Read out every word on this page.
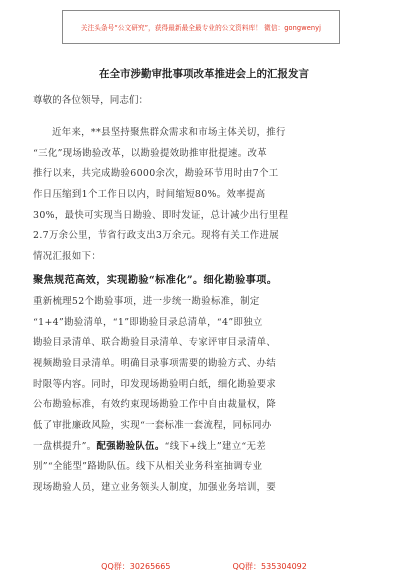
关注头条号“公文研究”，获得最新最全最专业的公文资料库！ 微信：gongwenyj
在全市涉勤审批事项改革推进会上的汇报发言
尊敬的各位领导，同志们：
近年来，**县坚持聚焦群众需求和市场主体关切，推行
“三化”现场勘验改革，以勘验提效助推审批提速。改革
推行以来，共完成勘验6000余次，勘验环节用时由7个工
作日压缩到1个工作日以内，时间缩短80%。效率提高
30%，最快可实现当日勘验、即时发证，总计减少出行里程
2.7万余公里，节省行政支出3万余元。现将有关工作进展
情况汇报如下：
聚焦规范高效，实现勘验“标准化”。细化勘验事项。
重新梳理52个勘验事项，进一步统一勘验标准，制定
“1+4”勘验清单，“1”即勘验目录总清单，“4”即独立
勘验目录清单、联合勘验目录清单、专家评审目录清单、
视频勘验目录清单。明确目录事项需要的勘验方式、办结
时限等内容。同时，印发现场勘验明白纸，细化勘验要求
公布勘验标准，有效约束现场勘验工作中自由裁量权，降
低了审批廉政风险，实现“一套标准一套流程，同标同办
一盘棋提升”。配强勘验队伍。“线下+线上”建立“无差
别”“全能型”路勘队伍。线下从相关业务科室抽调专业
现场勘验人员，建立业务领头人制度，加强业务培训，要
QQ群：30265665	QQ群：535304092
